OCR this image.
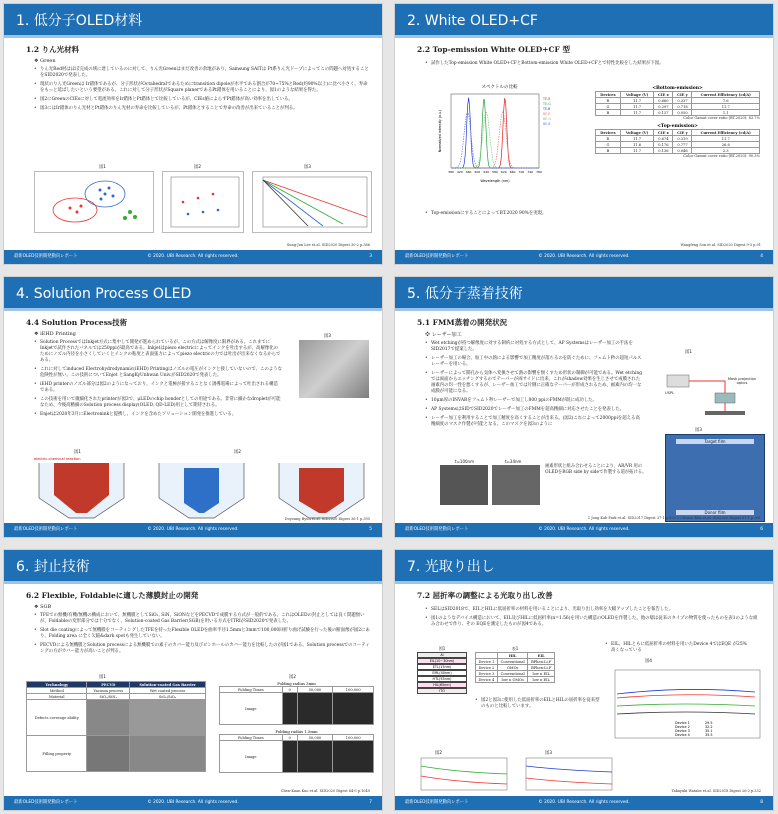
1. 低分子OLED材料
1.2 りん光材料
❖ Green
• りん光Red材はほぼ完成の域に達しているのに対して、りん光Greenはまだ改善の余地があり、Samsung SAITは Pt系りん光ドープによってこの問題へ対処することをSID2020で発表した。
• 現状のりん光Greenは Ir錯体であるが、分子形状がOctahedralであるためにtransition dipoleが水平である割合が70~75%とRed(約90%以上)に比べ小さく、寿命をもっと延ばしたいという要望がある。これに対して分子形状がSquare planerであるPt錯体を用いることにより、図1のような結果を得た。
• 図2にGreenのCIEsに対して電流効率をIr錯体とPt錯体とで比較しているが、CIEs値によらずPt錯体が高い効率を出している。
• 図3にはIr錯体のりん光材とPt錯体のりん光材の寿命を比較しているが、Pt錯体とすることで寿命の改善が出来ていることが判る。
図1	図2	図3
Sung-Jun Lee et.al. SID2020 Digest 30-2 p.386
最新OLED技術開発動向レポート	© 2020. UBI Research. All rights reserved.	3
2. White OLED+CF
2.2 Top-emission White OLED+CF 型
• 試作したTop-emission White OLED+CFとBottom-emission White OLED+CFとで特性比較をした結果が下図。
スペクトルの比較
380 420 460 500 540 580 620 660 700 740 780
TE-R
TE-G
TE-B
BE-R
BE-G
BE-B
Wavelength (nm)
Normalized Intensity (a.u.)
<Bottom-emission>
Devices	Voltage (V)	CIE x	CIE y	Current Efficiency (cd/A)
R	11.7	0.660	0.337	7.6
G	11.7	0.297	0.718	11.7
B	11.7	0.137	0.050	1.1
Color Gamut cover ratio (BT.2020): 83.7%
<Top-emission>
Devices	Voltage (V)	CIE x	CIE y	Current Efficiency (cd/A)
R	11.7	0.674	0.319	11.7
G	11.6	0.176	0.777	26.6
B	11.7	0.136	0.046	2.3
Color Gamut cover ratio (BT.2020): 90.3%
• Top-emissionにすることによってBT.2020 90%を実現。
Wangfeng Son et.al. SID2020 Digest 9-3 p.91
最新OLED技術開発動向レポート	© 2020. UBI Research. All rights reserved.	4
4. Solution Process OLED
4.4 Solution Process技術
❖ iEHD Printing
• Solution ProcessではInkjet方式に集中して開発が進められているが、この方式は解像度に限界がある。これまでにInkjetで試作されたパネルでは250ppiが最高である。Inkjetはpiezo electricによってインクを吐出するが、高解像化のためにノズル内径を小さくしていくとインクの粘度と表面張力によってpiezo electricの力では吐出が出来なくなるからである。
• これに対してinduced Electrohydrodynamic(iEHD) Printingはノズルの電圧がインクと接していないので、このような危険性が無い。この技術についてEnjet とSangKyUnhwan Univ.がSID2020で発表した。
• iEHD printerのノズル部分は図2のようになっており、インクと電極が接することなく誘導電場によって吐出される構造である。
• この技術を用いて微細化されたprinterが図3で、μLEDのchip bonderとしての用途である。非常に細かなdropletが可能なため、今後高精細のSolution process display(OLED, QD-LED)用として期待される。
• Enjetは2020年3月にElectroninkと提携し、インクを含めたソリューション開発を推進している。
図3
図1	図2
electric-chemical reaction
Doyoung Byun et.al. SID2020 Digest 36-1 p.395
最新OLED技術開発動向レポート	© 2020. UBI Research. All rights reserved.	5
5. 低分子蒸着技術
5.1 FMM蒸着の開発状況
❖ レーザー加工
• Wet etchingが持つ解像度に対する制約に対処する方式として、AP Systemsはレーザー加工の手法をSID2017で提案した。
• レーザー加工の場合、加工中の熱による影響で加工精度が落ちるのを防ぐために、フェムト秒の超短パルスレーザーを用いる。
• レーザーによって開孔から気体へ変換させて熱の影響を無くすため形状の制御が可能である。Wet etchingでは両面からエッチングするのでテーパーが両サイドに出来、これがshadow効果を生じさせて成膜された画素内の均一性を悪くするが、レーザー加工では片側に正確なテーパーが形成されるため、画素内の均一な成膜が可能になる。
• 10μm厚のINVARをフェムト秒レーザーで加工し800 ppiのFMMが既に成功した。
• AP SystemsはSIDでSID2020でレーザー加工のFMMを超高精細に対応させたことを発表した。
• レーザー加工を利用することで加工精度を高くすることが出来る。(図2)これによって2000ppiを超える高精細度のマスク作製が可能となる。このマスクを図3のように
図1
USPL
Mask projection optics
図3
Target film
Donor film
t=100nm	t=34nm
画素形状と組み合わせることにより、AR/VR 用のOLEDをRGB side by sideで作製する道が拓ける。
1 Jong Kab Park et.al. SID2017 Digest 37-1 p.520 2 Chiwoo Kim et.al. SID2020 Digest 61-1 p.901
最新OLED技術開発動向レポート	© 2020. UBI Research. All rights reserved.	6
6. 封止技術
6.2 Flexible, Foldableに適した薄膜封止の開発
❖ SGB
• TFEでの無機/有機/無機の構成において、無機膜としてSiOₓ, SiN、SiONなどをPECVDで成膜する方式が一般的である。これはOLEDの封止としては良く問題無いが、Foldableの変形部分では十分でなく、Solution-coated Gas Barrier(SGB)を用いる方式をITRIがSID2020で発表した。
• Slot die coatingによって無機膜をコーティングしたTFEを持ったFlexible OLEDを曲率半径1.5mmと3mmで100,000回折り曲げ試験を行った後の断面像が図2にあり、Folding area に全く欠陥&dark spotも発生していない。
• PECVDによる無機膜とSolution processによる無機膜での素子のカバー能力及びピンホールのカバー能力を比較したのが図1である。Solution processでのコーティングの方がカバー能力が高いことが判る。
図1	図2
Technology	PECVD	Solution-coated Gas Barrier
Method	Vacuum process	Wet coated process
Material	SiOₓ/SiNₓ	SiOₓ/SiOₓ
Defects coverage ability		
Filling property		
Folding radius 3mm
Folding Times	0	50,000	100,000
Image			
Folding radius 1.5mm
Folding Times	0	50,000	100,000
Image			
Chen-Kuan Kuo et.al. SID2020 Digest 64-5 p.1049
最新OLED技術開発動向レポート	© 2020. UBI Research. All rights reserved.	7
7. 光取り出し
7.2 屈折率の調整による光取り出し改善
• SELはSID2018で、EILとHILに低屈折率の材料を用いることにより、光取り出し効率を大幅アップしたことを報告した。
• 図1のようなデバイス構造において、EIL及びHILに低屈折率(n=1.56)を用いた構造のOLEDを作製した。他の層は従来のタイプの物質を使ったものを表1のような組み合わせで作り、その EQEを測定したものが図4である。
図1
Al
EIL(10~30nm)
ETL(15nm)
EML(40nm)
HTL(55nm)
HIL(65nm)
ITO
表1
	HIL	EIL
Device 1	Conventional	BPhen:Li,F
Device 2	OMOs	BPhen:Li,F
Device 3	Conventional	low n EIL
Device 4	low n OMOs	low n EIL
• EIL、HILともに低屈折率の材料を用いたDevice 4ではEQE が25%高くなっている
• 図2と図3に使用した低屈折率のEILとHILの屈折率を従来型のものと比較しています。
図4
Device 1	29.5
Device 2	32.2
Device 3	35.1
Device 4	35.5
図2	図3
Takayuki Watabe et.al. SID2018 Digest 26-2 p.332
最新OLED技術開発動向レポート	© 2020. UBI Research. All rights reserved.	8
